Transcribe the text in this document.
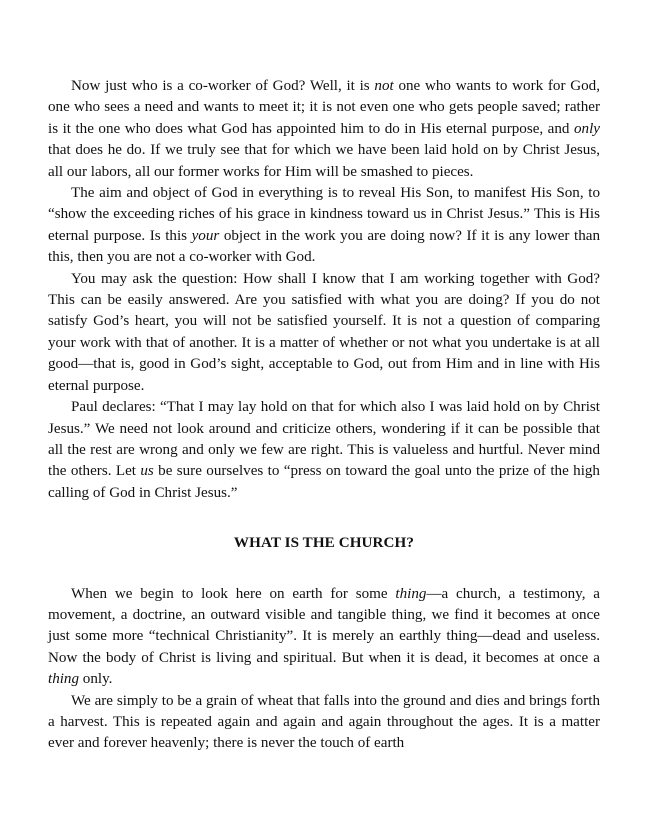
Now just who is a co-worker of God? Well, it is not one who wants to work for God, one who sees a need and wants to meet it; it is not even one who gets people saved; rather is it the one who does what God has appointed him to do in His eternal purpose, and only that does he do. If we truly see that for which we have been laid hold on by Christ Jesus, all our labors, all our former works for Him will be smashed to pieces.

The aim and object of God in everything is to reveal His Son, to manifest His Son, to “show the exceeding riches of his grace in kindness toward us in Christ Jesus.” This is His eternal purpose. Is this your object in the work you are doing now? If it is any lower than this, then you are not a co-worker with God.

You may ask the question: How shall I know that I am working together with God? This can be easily answered. Are you satisfied with what you are doing? If you do not satisfy God’s heart, you will not be satisfied yourself. It is not a question of comparing your work with that of another. It is a matter of whether or not what you undertake is at all good—that is, good in God’s sight, acceptable to God, out from Him and in line with His eternal purpose.

Paul declares: “That I may lay hold on that for which also I was laid hold on by Christ Jesus.” We need not look around and criticize others, wondering if it can be possible that all the rest are wrong and only we few are right. This is valueless and hurtful. Never mind the others. Let us be sure ourselves to “press on toward the goal unto the prize of the high calling of God in Christ Jesus.”

WHAT IS THE CHURCH?

When we begin to look here on earth for some thing—a church, a testimony, a movement, a doctrine, an outward visible and tangible thing, we find it becomes at once just some more “technical Christianity”. It is merely an earthly thing—dead and useless. Now the body of Christ is living and spiritual. But when it is dead, it becomes at once a thing only.

We are simply to be a grain of wheat that falls into the ground and dies and brings forth a harvest. This is repeated again and again and again throughout the ages. It is a matter ever and forever heavenly; there is never the touch of earth
